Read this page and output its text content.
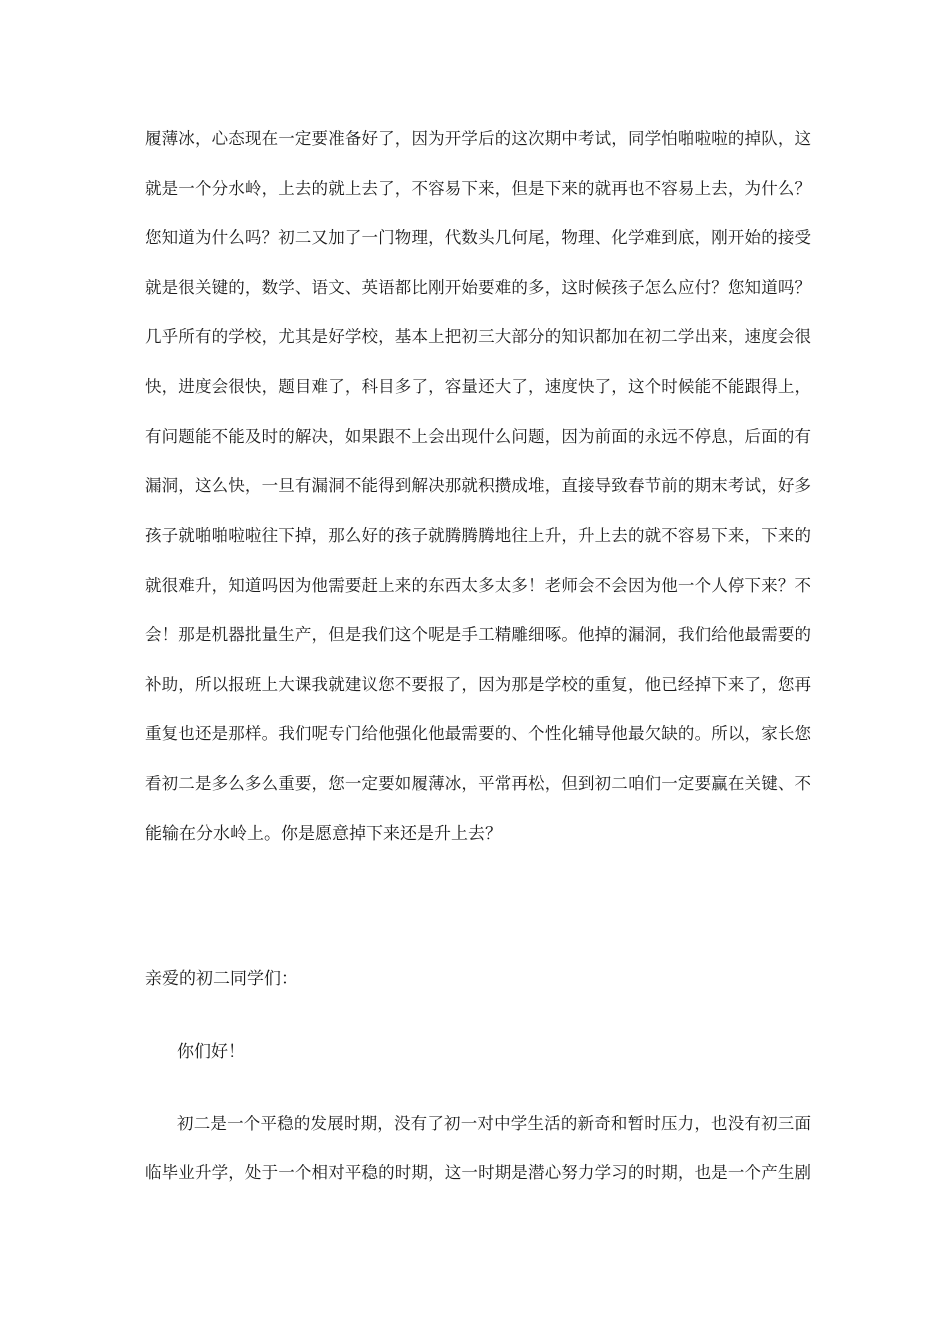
履薄冰，心态现在一定要准备好了，因为开学后的这次期中考试，同学怕啪啦啦的掉队，这
就是一个分水岭，上去的就上去了，不容易下来，但是下来的就再也不容易上去，为什么？
您知道为什么吗？初二又加了一门物理，代数头几何尾，物理、化学难到底，刚开始的接受
就是很关键的，数学、语文、英语都比刚开始要难的多，这时候孩子怎么应付？您知道吗？
几乎所有的学校，尤其是好学校，基本上把初三大部分的知识都加在初二学出来，速度会很
快，进度会很快，题目难了，科目多了，容量还大了，速度快了，这个时候能不能跟得上，
有问题能不能及时的解决，如果跟不上会出现什么问题，因为前面的永远不停息，后面的有
漏洞，这么快，一旦有漏洞不能得到解决那就积攒成堆，直接导致春节前的期末考试，好多
孩子就啪啪啦啦往下掉，那么好的孩子就腾腾腾地往上升，升上去的就不容易下来，下来的
就很难升，知道吗因为他需要赶上来的东西太多太多！老师会不会因为他一个人停下来？不
会！那是机器批量生产，但是我们这个呢是手工精雕细啄。他掉的漏洞，我们给他最需要的
补助，所以报班上大课我就建议您不要报了，因为那是学校的重复，他已经掉下来了，您再
重复也还是那样。我们呢专门给他强化他最需要的、个性化辅导他最欠缺的。所以，家长您
看初二是多么多么重要，您一定要如履薄冰，平常再松，但到初二咱们一定要赢在关键、不
能输在分水岭上。你是愿意掉下来还是升上去？
亲爱的初二同学们：
你们好！
初二是一个平稳的发展时期，没有了初一对中学生活的新奇和暂时压力，也没有初三面
临毕业升学，处于一个相对平稳的时期，这一时期是潜心努力学习的时期，也是一个产生剧
